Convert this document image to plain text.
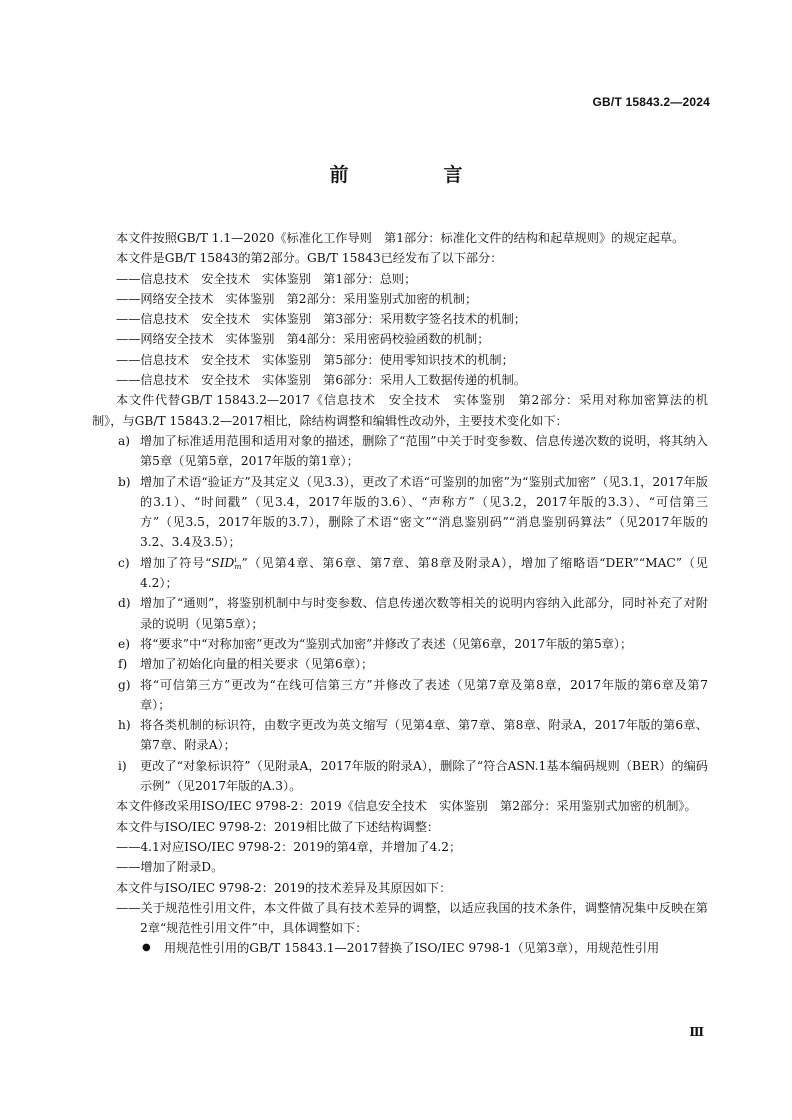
GB/T 15843.2—2024
前　言

本文件按照GB/T 1.1—2020《标准化工作导则　第1部分：标准化文件的结构和起草规则》的规定起草。

本文件是GB/T 15843的第2部分。GB/T 15843已经发布了以下部分：

——信息技术　安全技术　实体鉴别　第1部分：总则；

——网络安全技术　实体鉴别　第2部分：采用鉴别式加密的机制；

——信息技术　安全技术　实体鉴别　第3部分：采用数字签名技术的机制；

——网络安全技术　实体鉴别　第4部分：采用密码校验函数的机制；

——信息技术　安全技术　实体鉴别　第5部分：使用零知识技术的机制；

——信息技术　安全技术　实体鉴别　第6部分：采用人工数据传递的机制。

本文件代替GB/T 15843.2—2017《信息技术　安全技术　实体鉴别　第2部分：采用对称加密算法的机制》，与GB/T 15843.2—2017相比，除结构调整和编辑性改动外，主要技术变化如下：

a) 增加了标准适用范围和适用对象的描述，删除了“范围”中关于时变参数、信息传递次数的说明，将其纳入第5章（见第5章，2017年版的第1章）；

b) 增加了术语“验证方”及其定义（见3.3），更改了术语“可鉴别的加密”为“鉴别式加密”（见3.1，2017年版的3.1）、“时间戳”（见3.4，2017年版的3.6）、“声称方”（见3.2，2017年版的3.3）、“可信第三方”（见3.5，2017年版的3.7），删除了术语“密文”“消息鉴别码”“消息鉴别码算法”（见2017年版的3.2、3.4及3.5）；

c) 增加了符号“SID i
m ”（见第4章、第6章、第7章、第8章及附录A），增加了缩略语“DER”“MAC”（见4.2）；

d) 增加了“通则”，将鉴别机制中与时变参数、信息传递次数等相关的说明内容纳入此部分，同时补充了对附录的说明（见第5章）；

e) 将“要求”中“对称加密”更改为“鉴别式加密”并修改了表述（见第6章，2017年版的第5章）；

f) 增加了初始化向量的相关要求（见第6章）；

g) 将“可信第三方”更改为“在线可信第三方”并修改了表述（见第7章及第8章，2017年版的第6章及第7章）；

h) 将各类机制的标识符，由数字更改为英文缩写（见第4章、第7章、第8章、附录A，2017年版的第6章、第7章、附录A）；

i) 更改了“对象标识符”（见附录A，2017年版的附录A），删除了“符合ASN.1基本编码规则（BER）的编码示例”（见2017年版的A.3）。

本文件修改采用ISO/IEC 9798-2：2019《信息安全技术　实体鉴别　第2部分：采用鉴别式加密的机制》。

本文件与ISO/IEC 9798-2：2019相比做了下述结构调整：

——4.1对应ISO/IEC 9798-2：2019的第4章，并增加了4.2；

——增加了附录D。

本文件与ISO/IEC 9798-2：2019的技术差异及其原因如下：

——关于规范性引用文件，本文件做了具有技术差异的调整，以适应我国的技术条件，调整情况集中反映在第2章“规范性引用文件”中，具体调整如下：

● 用规范性引用的GB/T 15843.1—2017替换了ISO/IEC 9798-1（见第3章），用规范性引用

Ⅲ
